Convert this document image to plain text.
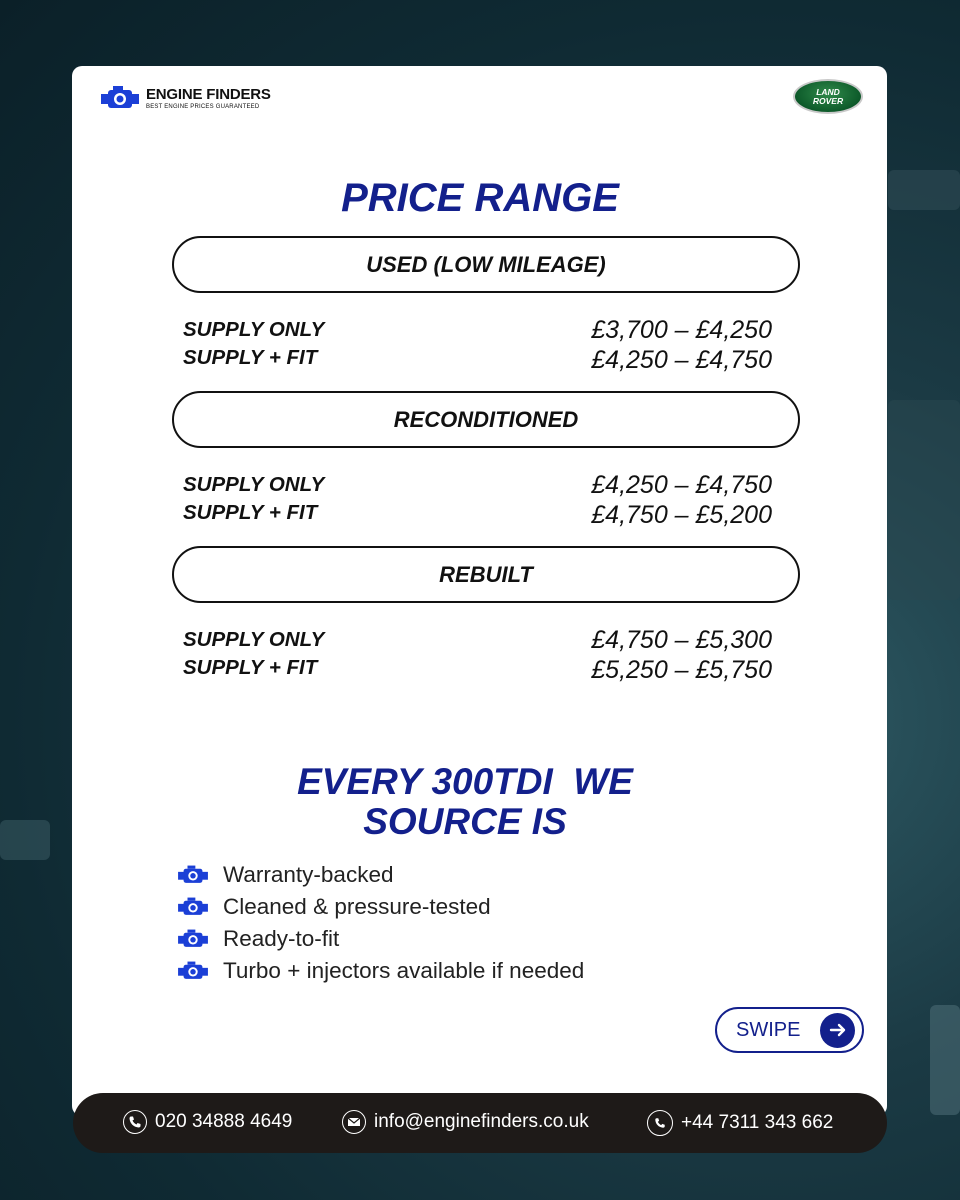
ENGINE FINDERS
BEST ENGINE PRICES GUARANTEED
LAND
ROVER
PRICE RANGE
USED (LOW MILEAGE)
SUPPLY ONLY	£3,700 – £4,250
SUPPLY + FIT	£4,250 – £4,750
RECONDITIONED
SUPPLY ONLY	£4,250 – £4,750
SUPPLY + FIT	£4,750 – £5,200
REBUILT
SUPPLY ONLY	£4,750 – £5,300
SUPPLY + FIT	£5,250 – £5,750
EVERY 300TDI  WE
SOURCE IS
Warranty-backed
Cleaned & pressure-tested
Ready-to-fit
Turbo + injectors available if needed
SWIPE
020 34888 4649	info@enginefinders.co.uk	+44 7311 343 662
